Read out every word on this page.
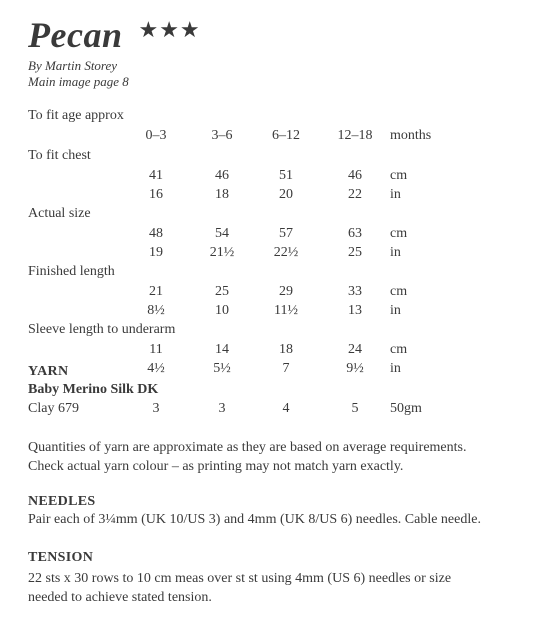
Pecan ★★★
By Martin Storey
Main image page 8
To fit age approx
0–3	3–6	6–12	12–18 months
To fit chest
41	46	51	46	cm
16	18	20	22	in
Actual size
48	54	57	63	cm
19	21½	22½	25	in
Finished length
21	25	29	33	cm
8½	10	11½	13	in
Sleeve length to underarm
11	14	18	24	cm
4½	5½	7	9½	in
YARN
Baby Merino Silk DK
Clay 679	3	3	4	5	50gm
Quantities of yarn are approximate as they are based on average requirements.
Check actual yarn colour – as printing may not match yarn exactly.
NEEDLES
Pair each of 3¼mm (UK 10/US 3) and 4mm (UK 8/US 6) needles. Cable needle.
TENSION
22 sts x 30 rows to 10 cm meas over st st using 4mm (US 6) needles or size
needed to achieve stated tension.
